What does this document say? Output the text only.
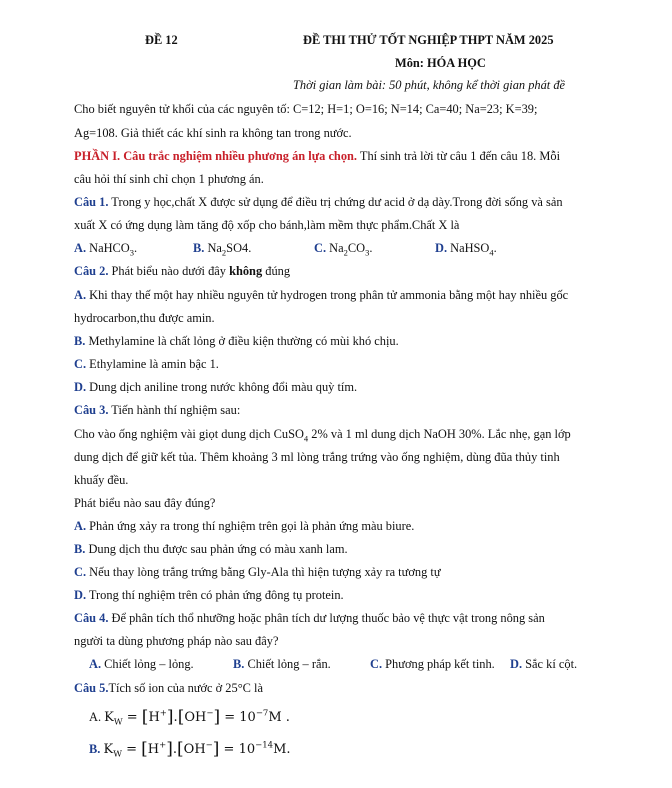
ĐỀ 12	ĐỀ THI THỬ TỐT NGHIỆP THPT NĂM 2025
Môn: HÓA HỌC
Thời gian làm bài: 50 phút, không kể thời gian phát đề
Cho biết nguyên tử khối của các nguyên tố: C=12; H=1; O=16; N=14; Ca=40; Na=23; K=39;
Ag=108. Giả thiết các khí sinh ra không tan trong nước.
PHẦN I. Câu trắc nghiệm nhiều phương án lựa chọn. Thí sinh trả lời từ câu 1 đến câu 18. Mỗi
câu hỏi thí sinh chỉ chọn 1 phương án.
Câu 1. Trong y học,chất X được sử dụng để điều trị chứng dư acid ở dạ dày.Trong đời sống và sản
xuất X có ứng dụng làm tăng độ xốp cho bánh,làm mềm thực phẩm.Chất X là
A. NaHCO$_3$.	B. $Na_2SO4$.	C. $Na_2CO_3$.	D. NaHSO$_4$.
Câu 2. Phát biểu nào dưới đây không đúng
A. Khi thay thế một hay nhiều nguyên tử hydrogen trong phân tử ammonia bằng một hay nhiều gốc
hydrocarbon,thu được amin.
B. Methylamine là chất lỏng ở điều kiện thường có mùi khó chịu.
C. Ethylamine là amin bậc 1.
D. Dung dịch aniline trong nước không đổi màu quỳ tím.
Câu 3. Tiến hành thí nghiệm sau:
Cho vào ống nghiệm vài giọt dung dịch CuSO$_4$ 2% và 1 ml dung dịch NaOH 30%. Lắc nhẹ, gạn lớp
dung dịch để giữ kết tủa. Thêm khoảng 3 ml lòng trắng trứng vào ống nghiệm, dùng đũa thủy tinh
khuấy đều.
Phát biểu nào sau đây đúng?
A. Phản ứng xảy ra trong thí nghiệm trên gọi là phản ứng màu biure.
B. Dung dịch thu được sau phản ứng có màu xanh lam.
C. Nếu thay lòng trắng trứng bằng Gly-Ala thì hiện tượng xảy ra tương tự
D. Trong thí nghiệm trên có phản ứng đông tụ protein.
Câu 4. Để phân tích thổ nhưỡng hoặc phân tích dư lượng thuốc bảo vệ thực vật trong nông sản
người ta dùng phương pháp nào sau đây?
A. Chiết lỏng – lỏng.	B. Chiết lỏng – rắn.	C. Phương pháp kết tinh. D. Sắc kí cột.
Câu 5.Tích số ion của nước ở 25°C là
A. $K_W = [H^+].[OH^-] = 10^{-7}M$ .
B. $K_W = [H^+].[OH^-] = 10^{-14}M$.
